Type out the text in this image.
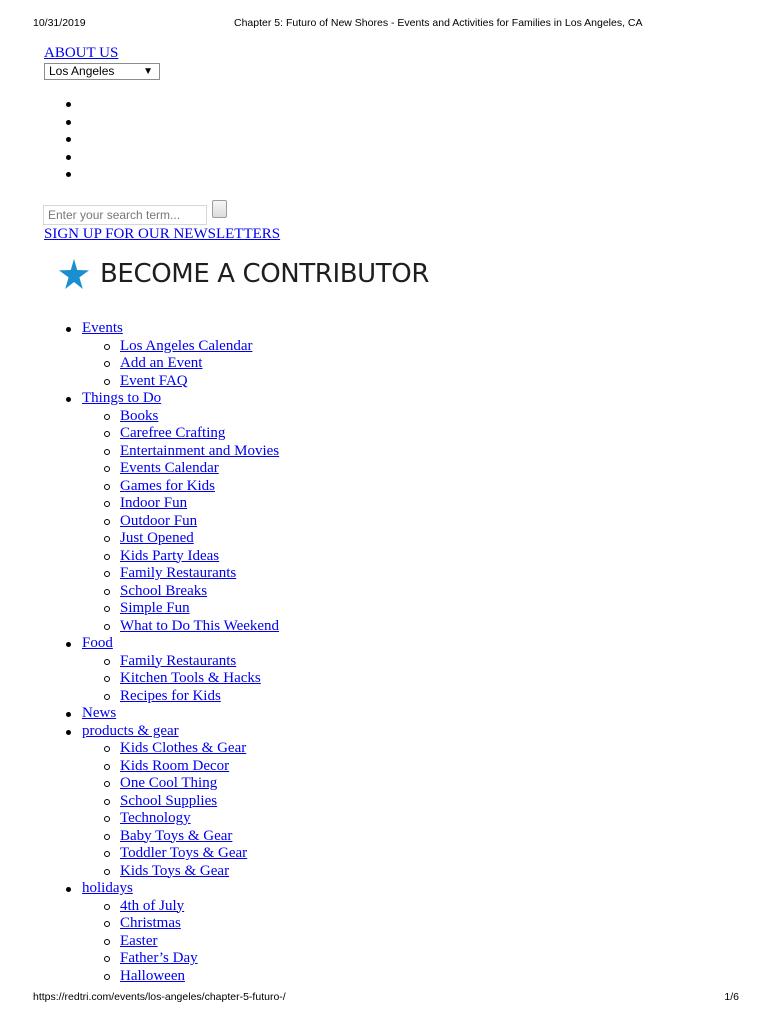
10/31/2019	Chapter 5: Futuro of New Shores - Events and Activities for Families in Los Angeles, CA
ABOUT US
Los Angeles	▼
Enter your search term...
SIGN UP FOR OUR NEWSLETTERS
BECOME A CONTRIBUTOR
Events
Los Angeles Calendar
Add an Event
Event FAQ
Things to Do
Books
Carefree Crafting
Entertainment and Movies
Events Calendar
Games for Kids
Indoor Fun
Outdoor Fun
Just Opened
Kids Party Ideas
Family Restaurants
School Breaks
Simple Fun
What to Do This Weekend
Food
Family Restaurants
Kitchen Tools & Hacks
Recipes for Kids
News
products & gear
Kids Clothes & Gear
Kids Room Decor
One Cool Thing
School Supplies
Technology
Baby Toys & Gear
Toddler Toys & Gear
Kids Toys & Gear
holidays
4th of July
Christmas
Easter
Father’s Day
Halloween
https://redtri.com/events/los-angeles/chapter-5-futuro-/	1/6
